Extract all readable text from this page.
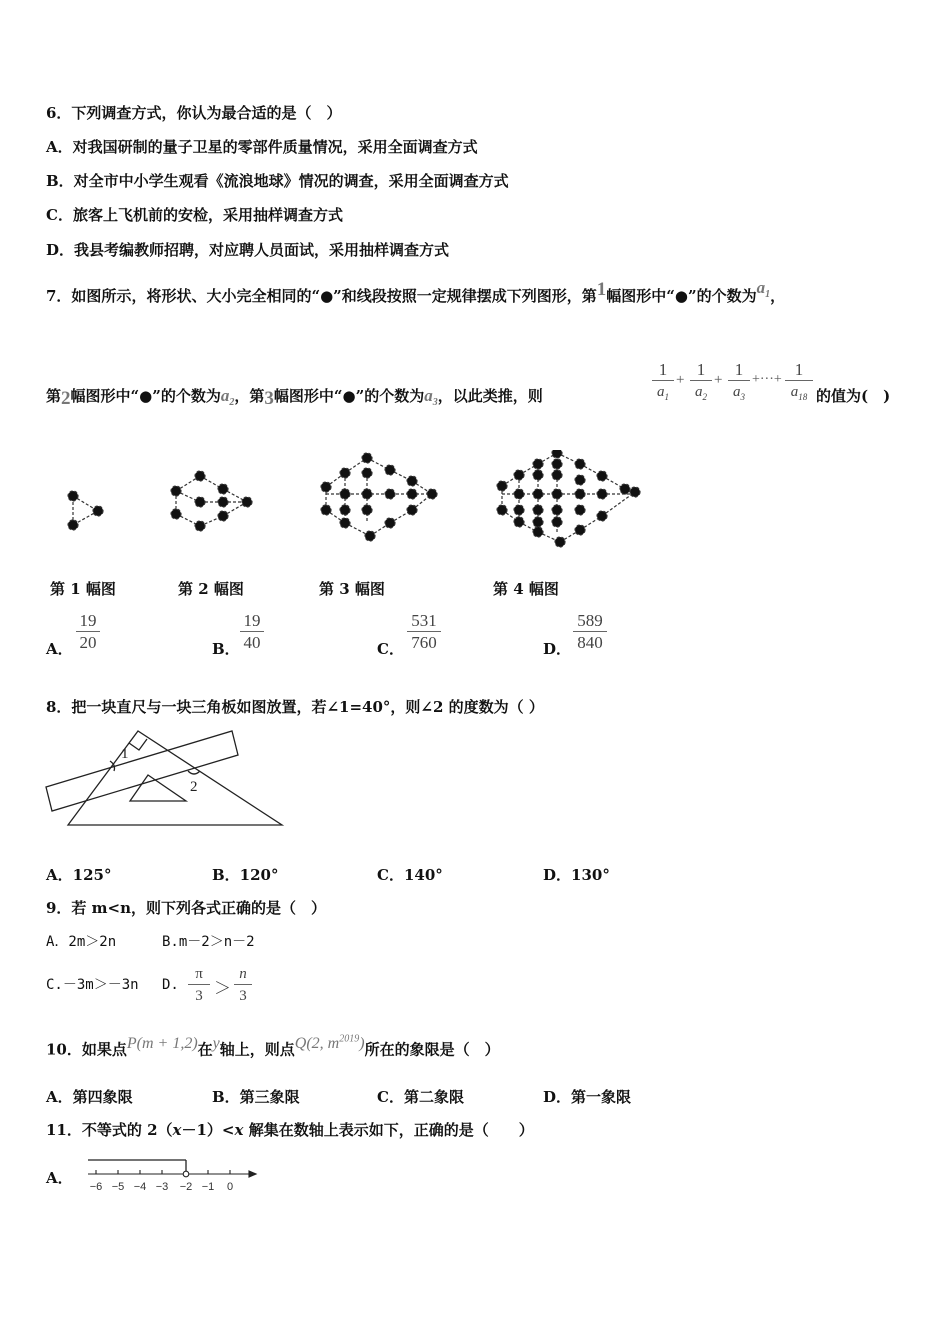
6．下列调查方式，你认为最合适的是（　）
A．对我国研制的量子卫星的零部件质量情况，采用全面调查方式
B．对全市中小学生观看《流浪地球》情况的调查，采用全面调查方式
C．旅客上飞机前的安检，采用抽样调查方式
D．我县考编教师招聘，对应聘人员面试，采用抽样调查方式
7．如图所示，将形状、大小完全相同的“●”和线段按照一定规律摆成下列图形，第1幅图形中“●”的个数为$a^1$，
第2幅图形中“●”的个数为$a_2$，第3幅图形中“●”的个数为$a_3$，以此类推，则
1
$a_1$
+
1
$a_2$
+
1
$a_3$
+···+
1
$a_{18}$ 的值为(　)
第 1 幅图	第 2 幅图	第 3 幅图	第 4 幅图
A．
19
20	B．
19
40	C．
531
760	D．
589
840
8．把一块直尺与一块三角板如图放置，若∠1=40°，则∠2 的度数为（ ）
1
2
A．125°	B．120°	C．140°	D．130°
9．若 m<n，则下列各式正确的是（　）
A．2m＞2n	B.m－2＞n－2
C.－3m＞－3n D.
π
3 ＞
n
3
10．如果点P(m + 1,2)在y轴上，则点Q(2, $m^{2019}$)所在的象限是（　）
A．第四象限	B．第三象限	C．第二象限	D．第一象限
11．不等式的 2（x－1）<x 解集在数轴上表示如下，正确的是（　　）
A． −6 −5 −4 −3 −2 −1 0
